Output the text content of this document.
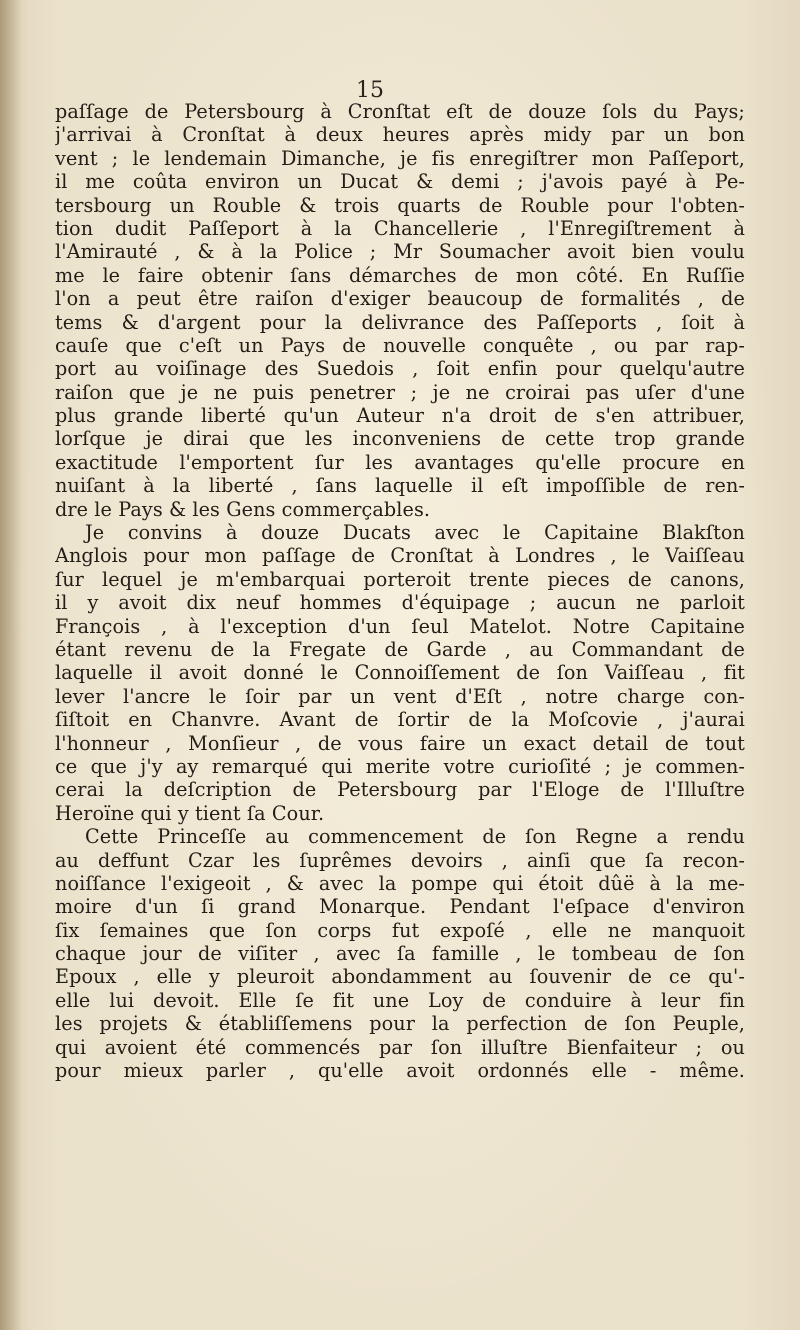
15
paſſage de Petersbourg à Cronſtat eſt de douze ſols du Pays;
j'arrivai à Cronſtat à deux heures après midy par un bon
vent ; le lendemain Dimanche, je fis enregiſtrer mon Paſſeport,
il me coûta environ un Ducat & demi ; j'avois payé à Pe-
tersbourg un Rouble & trois quarts de Rouble pour l'obten-
tion dudit Paſſeport à la Chancellerie , l'Enregiſtrement à
l'Amirauté , & à la Police ; Mr Soumacher avoit bien voulu
me le faire obtenir ſans démarches de mon côté. En Ruſſie
l'on a peut être raiſon d'exiger beaucoup de formalités , de
tems & d'argent pour la delivrance des Paſſeports , ſoit à
cauſe que c'eſt un Pays de nouvelle conquête , ou par rap-
port au voiſinage des Suedois , ſoit enfin pour quelqu'autre
raiſon que je ne puis penetrer ; je ne croirai pas uſer d'une
plus grande liberté qu'un Auteur n'a droit de s'en attribuer,
lorſque je dirai que les inconveniens de cette trop grande
exactitude l'emportent ſur les avantages qu'elle procure en
nuiſant à la liberté , ſans laquelle il eſt impoſſible de ren-
dre le Pays & les Gens commerçables.
Je convins à douze Ducats avec le Capitaine Blakſton
Anglois pour mon paſſage de Cronſtat à Londres , le Vaiſſeau
ſur lequel je m'embarquai porteroit trente pieces de canons,
il y avoit dix neuf hommes d'équipage ; aucun ne parloit
François , à l'exception d'un ſeul Matelot. Notre Capitaine
étant revenu de la Fregate de Garde , au Commandant de
laquelle il avoit donné le Connoiſſement de ſon Vaiſſeau , fit
lever l'ancre le ſoir par un vent d'Eſt , notre charge con-
ſiſtoit en Chanvre. Avant de ſortir de la Moſcovie , j'aurai
l'honneur , Monſieur , de vous faire un exact detail de tout
ce que j'y ay remarqué qui merite votre curioſité ; je commen-
cerai la deſcription de Petersbourg par l'Eloge de l'Illuſtre
Heroïne qui y tient ſa Cour.
Cette Princeſſe au commencement de ſon Regne a rendu
au deffunt Czar les ſuprêmes devoirs , ainſi que ſa recon-
noiſſance l'exigeoit , & avec la pompe qui étoit dûë à la me-
moire d'un ſi grand Monarque. Pendant l'eſpace d'environ
ſix ſemaines que ſon corps fut expoſé , elle ne manquoit
chaque jour de viſiter , avec ſa famille , le tombeau de ſon
Epoux , elle y pleuroit abondamment au ſouvenir de ce qu'-
elle lui devoit. Elle ſe fit une Loy de conduire à leur fin
les projets & établiſſemens pour la perfection de ſon Peuple,
qui avoient été commencés par ſon illuſtre Bienfaiteur ; ou
pour mieux parler , qu'elle avoit ordonnés elle - même.
